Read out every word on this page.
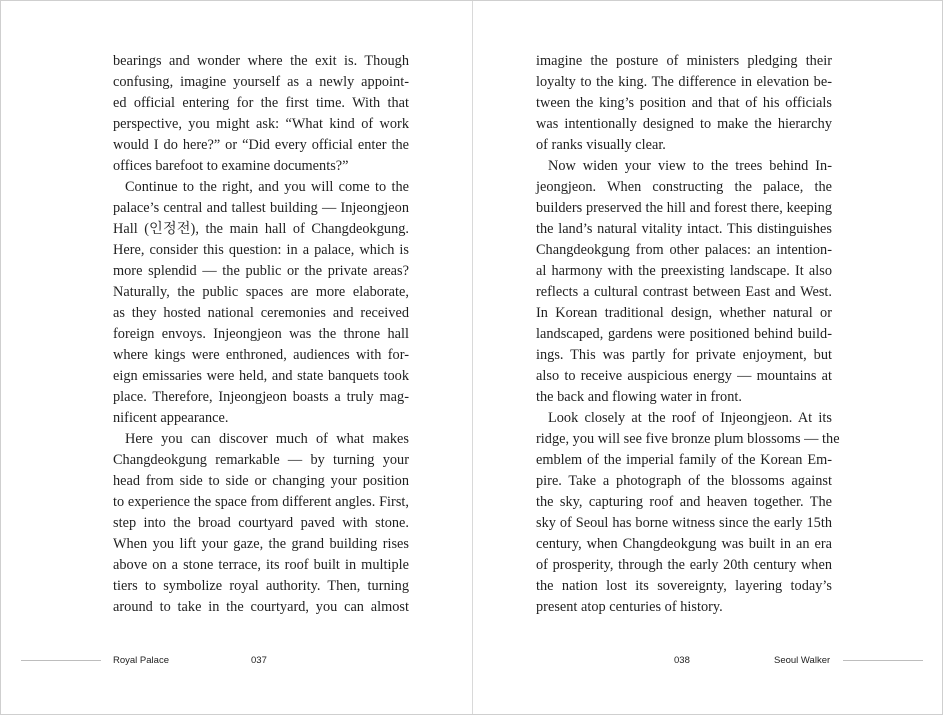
bearings and wonder where the exit is. Though
confusing, imagine yourself as a newly appoint-
ed official entering for the first time. With that
perspective, you might ask: “What kind of work
would I do here?” or “Did every official enter the
offices barefoot to examine documents?”
Continue to the right, and you will come to the
palace’s central and tallest building — Injeongjeon
Hall (인정전), the main hall of Changdeokgung.
Here, consider this question: in a palace, which is
more splendid — the public or the private areas?
Naturally, the public spaces are more elaborate,
as they hosted national ceremonies and received
foreign envoys. Injeongjeon was the throne hall
where kings were enthroned, audiences with for-
eign emissaries were held, and state banquets took
place. Therefore, Injeongjeon boasts a truly mag-
nificent appearance.
Here you can discover much of what makes
Changdeokgung remarkable — by turning your
head from side to side or changing your position
to experience the space from different angles. First,
step into the broad courtyard paved with stone.
When you lift your gaze, the grand building rises
above on a stone terrace, its roof built in multiple
tiers to symbolize royal authority. Then, turning
around to take in the courtyard, you can almost
Royal Palace	037
imagine the posture of ministers pledging their
loyalty to the king. The difference in elevation be-
tween the king’s position and that of his officials
was intentionally designed to make the hierarchy
of ranks visually clear.
Now widen your view to the trees behind In-
jeongjeon. When constructing the palace, the
builders preserved the hill and forest there, keeping
the land’s natural vitality intact. This distinguishes
Changdeokgung from other palaces: an intention-
al harmony with the preexisting landscape. It also
reflects a cultural contrast between East and West.
In Korean traditional design, whether natural or
landscaped, gardens were positioned behind build-
ings. This was partly for private enjoyment, but
also to receive auspicious energy — mountains at
the back and flowing water in front.
Look closely at the roof of Injeongjeon. At its
ridge, you will see five bronze plum blossoms — the
emblem of the imperial family of the Korean Em-
pire. Take a photograph of the blossoms against
the sky, capturing roof and heaven together. The
sky of Seoul has borne witness since the early 15th
century, when Changdeokgung was built in an era
of prosperity, through the early 20th century when
the nation lost its sovereignty, layering today’s
present atop centuries of history.
038	Seoul Walker
